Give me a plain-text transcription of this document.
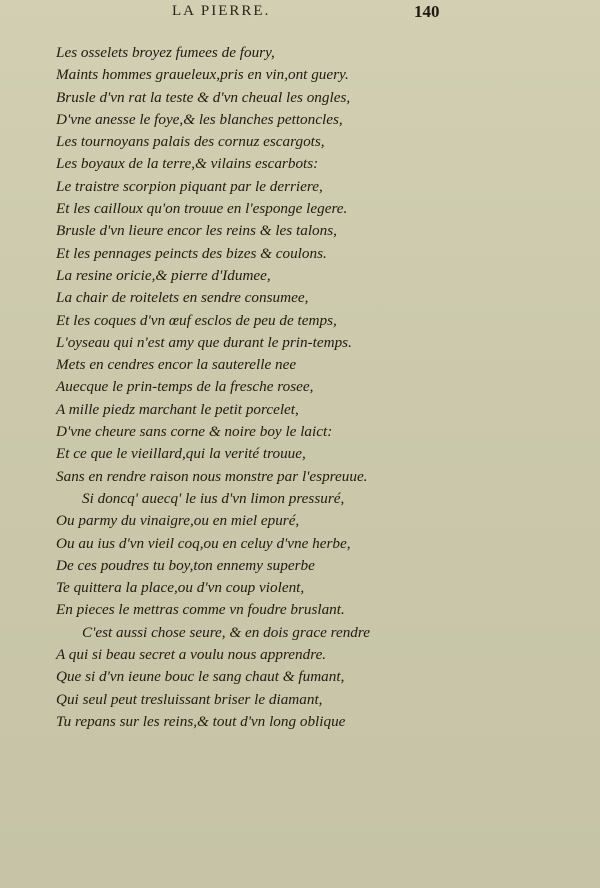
LA PIERRE.	140
Les osselets broyez fumees de foury,
Maints hommes graueleux,pris en vin,ont guery.
Brusle d'vn rat la teste & d'vn cheual les ongles,
D'vne anesse le foye,& les blanches pettoncles,
Les tournoyans palais des cornuz escargots,
Les boyaux de la terre,& vilains escarbots:
Le traistre scorpion piquant par le derriere,
Et les cailloux qu'on trouue en l'esponge legere.
Brusle d'vn lieure encor les reins & les talons,
Et les pennages peincts des bizes & coulons.
La resine oricie,& pierre d'Idumee,
La chair de roitelets en sendre consumee,
Et les coques d'vn œuf esclos de peu de temps,
L'oyseau qui n'est amy que durant le prin-temps.
Mets en cendres encor la sauterelle nee
Auecque le prin-temps de la fresche rosee,
A mille piedz marchant le petit porcelet,
D'vne cheure sans corne & noire boy le laict:
Et ce que le vieillard,qui la verité trouue,
Sans en rendre raison nous monstre par l'espreuue.
Si doncq' auecq' le ius d'vn limon pressuré,
Ou parmy du vinaigre,ou en miel epuré,
Ou au ius d'vn vieil coq,ou en celuy d'vne herbe,
De ces poudres tu boy,ton ennemy superbe
Te quittera la place,ou d'vn coup violent,
En pieces le mettras comme vn foudre bruslant.
C'est aussi chose seure, & en dois grace rendre
A qui si beau secret a voulu nous apprendre.
Que si d'vn ieune bouc le sang chaut & fumant,
Qui seul peut tresluissant briser le diamant,
Tu repans sur les reins,& tout d'vn long oblique
